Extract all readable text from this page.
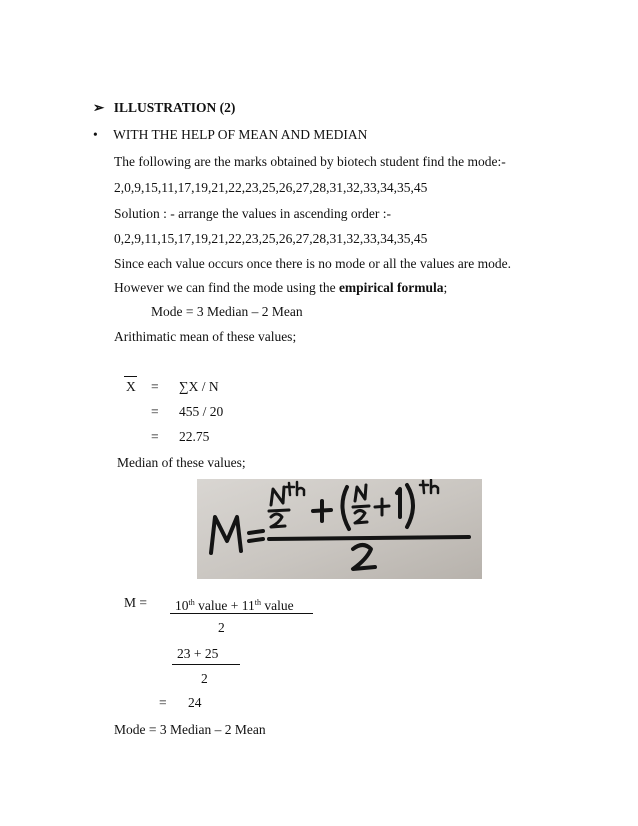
➢ ILLUSTRATION (2)
• WITH THE HELP OF MEAN AND MEDIAN
The following are the marks obtained by biotech student find the mode:-
2,0,9,15,11,17,19,21,22,23,25,26,27,28,31,32,33,34,35,45
Solution : - arrange the values in ascending order :-
0,2,9,11,15,17,19,21,22,23,25,26,27,28,31,32,33,34,35,45
Since each value occurs once there is no mode or all the values are mode.
However we can find the mode using the empirical formula;
Mode = 3 Median – 2 Mean
Arithimatic mean of these values;
X = ∑X / N
= 455 / 20
= 22.75
Median of these values;
M = 10th value + 11th value
2
23 + 25
2
= 24
Mode = 3 Median – 2 Mean
